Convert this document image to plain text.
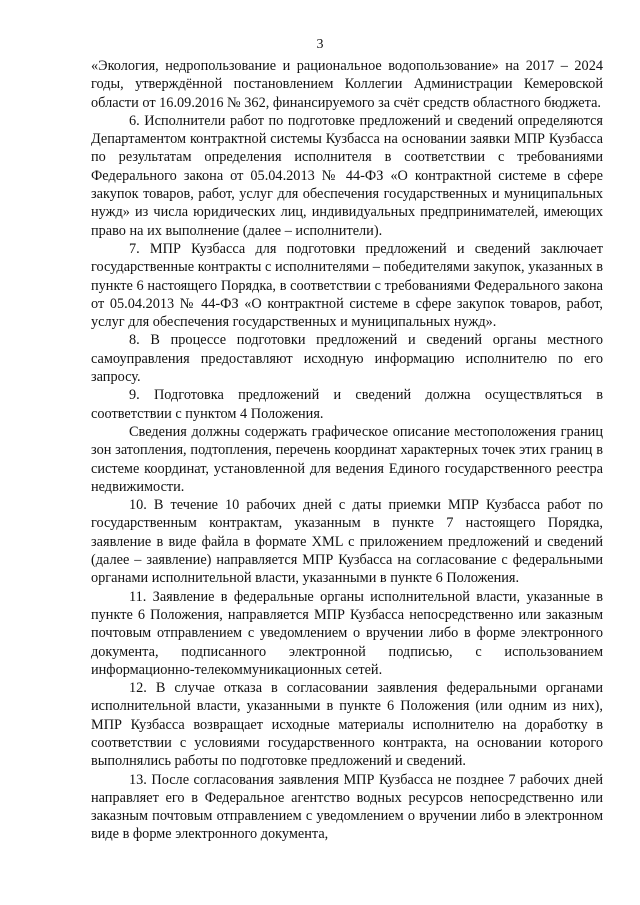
3

«Экология, недропользование и рациональное водопользование» на 2017 – 2024 годы, утверждённой постановлением Коллегии Администрации Кемеровской области от 16.09.2016 № 362, финансируемого за счёт средств областного бюджета.

6. Исполнители работ по подготовке предложений и сведений определяются Департаментом контрактной системы Кузбасса на основании заявки МПР Кузбасса по результатам определения исполнителя в соответствии с требованиями Федерального закона от 05.04.2013 № 44-ФЗ «О контрактной системе в сфере закупок товаров, работ, услуг для обеспечения государственных и муниципальных нужд» из числа юридических лиц, индивидуальных предпринимателей, имеющих право на их выполнение (далее – исполнители).

7. МПР Кузбасса для подготовки предложений и сведений заключает государственные контракты с исполнителями – победителями закупок, указанных в пункте 6 настоящего Порядка, в соответствии с требованиями Федерального закона от 05.04.2013 № 44-ФЗ «О контрактной системе в сфере закупок товаров, работ, услуг для обеспечения государственных и муниципальных нужд».

8. В процессе подготовки предложений и сведений органы местного самоуправления предоставляют исходную информацию исполнителю по его запросу.

9. Подготовка предложений и сведений должна осуществляться в соответствии с пунктом 4 Положения.

Сведения должны содержать графическое описание местоположения границ зон затопления, подтопления, перечень координат характерных точек этих границ в системе координат, установленной для ведения Единого государственного реестра недвижимости.

10. В течение 10 рабочих дней с даты приемки МПР Кузбасса работ по государственным контрактам, указанным в пункте 7 настоящего Порядка, заявление в виде файла в формате XML с приложением предложений и сведений (далее – заявление) направляется МПР Кузбасса на согласование с федеральными органами исполнительной власти, указанными в пункте 6 Положения.

11. Заявление в федеральные органы исполнительной власти, указанные в пункте 6 Положения, направляется МПР Кузбасса непосредственно или заказным почтовым отправлением с уведомлением о вручении либо в форме электронного документа, подписанного электронной подписью, с использованием информационно-телекоммуникационных сетей.

12. В случае отказа в согласовании заявления федеральными органами исполнительной власти, указанными в пункте 6 Положения (или одним из них), МПР Кузбасса возвращает исходные материалы исполнителю на доработку в соответствии с условиями государственного контракта, на основании которого выполнялись работы по подготовке предложений и сведений.

13. После согласования заявления МПР Кузбасса не позднее 7 рабочих дней направляет его в Федеральное агентство водных ресурсов непосредственно или заказным почтовым отправлением с уведомлением о вручении либо в электронном виде в форме электронного документа,
